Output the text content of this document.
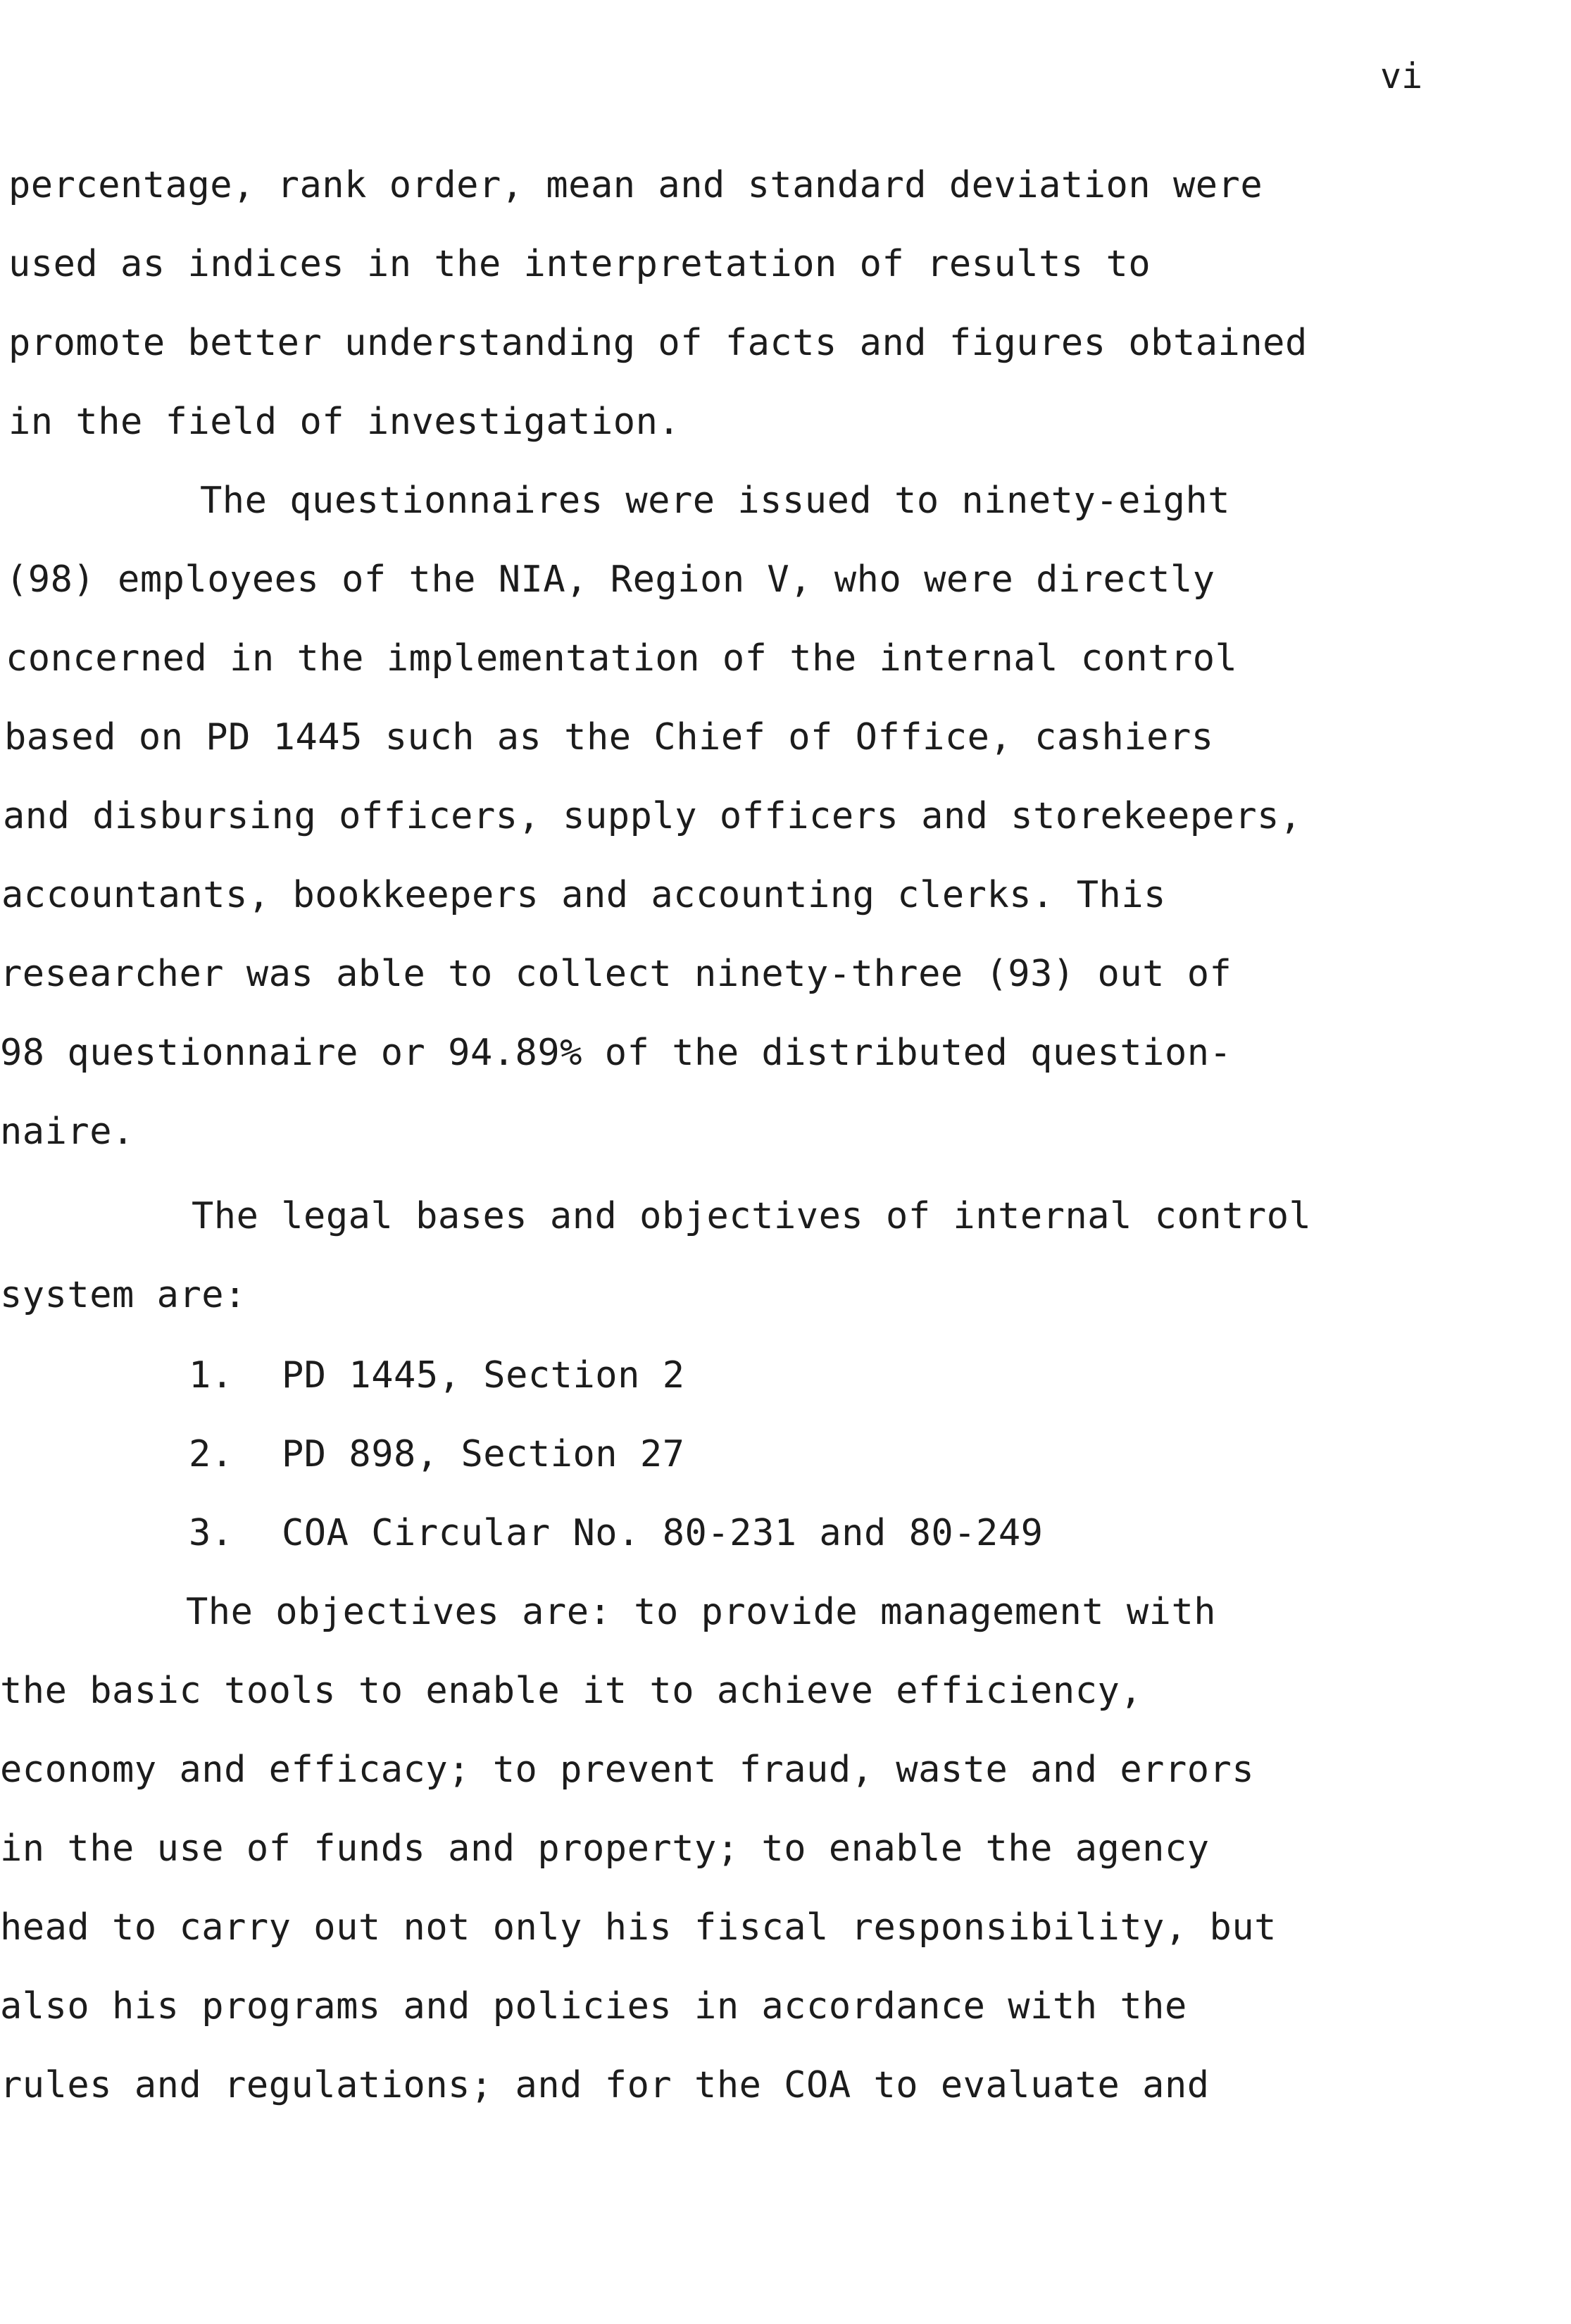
vi
percentage, rank order, mean and standard deviation were
used as indices in the interpretation of results to
promote better understanding of facts and figures obtained
in the field of investigation.
The questionnaires were issued to ninety-eight
(98) employees of the NIA, Region V, who were directly
concerned in the implementation of the internal control
based on PD 1445 such as the Chief of Office, cashiers
and disbursing officers, supply officers and storekeepers,
accountants, bookkeepers and accounting clerks. This
researcher was able to collect ninety-three (93) out of
98 questionnaire or 94.89% of the distributed question-
naire.
The legal bases and objectives of internal control
system are:
1. PD 1445, Section 2
2. PD 898, Section 27
3. COA Circular No. 80-231 and 80-249
The objectives are: to provide management with
the basic tools to enable it to achieve efficiency,
economy and efficacy; to prevent fraud, waste and errors
in the use of funds and property; to enable the agency
head to carry out not only his fiscal responsibility, but
also his programs and policies in accordance with the
rules and regulations; and for the COA to evaluate and
